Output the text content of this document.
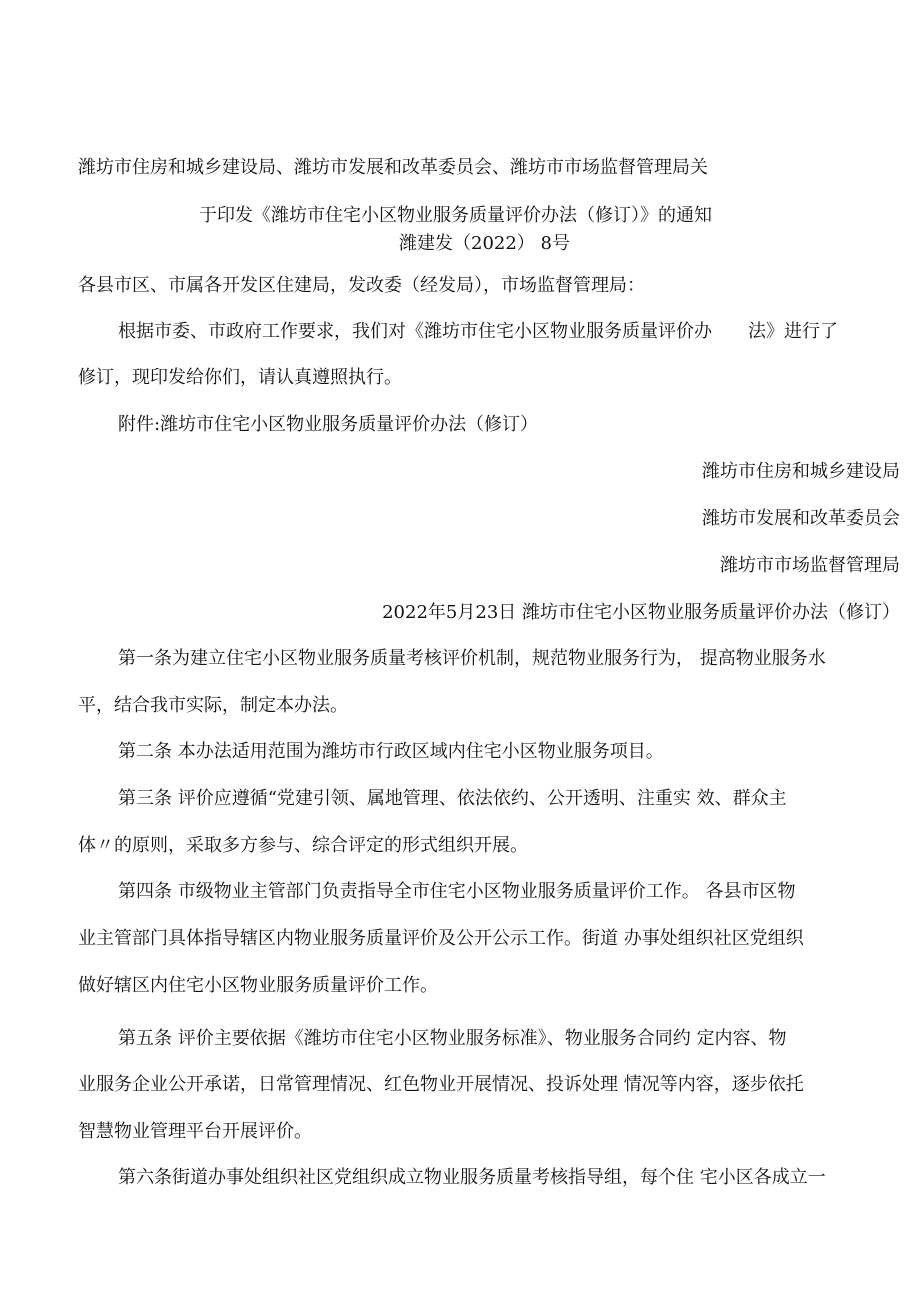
潍坊市住房和城乡建设局、潍坊市发展和改革委员会、潍坊市市场监督管理局关
于印发《潍坊市住宅小区物业服务质量评价办法（修订）》的通知
潍建发（2022） 8号
各县市区、市属各开发区住建局，发改委（经发局），市场监督管理局：
根据市委、市政府工作要求，我们对《潍坊市住宅小区物业服务质量评价办　　法》进行了
修订，现印发给你们，请认真遵照执行。
附件:潍坊市住宅小区物业服务质量评价办法（修订）
潍坊市住房和城乡建设局
潍坊市发展和改革委员会
潍坊市市场监督管理局
2022年5月23日 潍坊市住宅小区物业服务质量评价办法（修订）
第一条为建立住宅小区物业服务质量考核评价机制，规范物业服务行为， 提高物业服务水
平，结合我市实际，制定本办法。
第二条 本办法适用范围为潍坊市行政区域内住宅小区物业服务项目。
第三条 评价应遵循“党建引领、属地管理、依法依约、公开透明、注重实 效、群众主
体〃的原则，采取多方参与、综合评定的形式组织开展。
第四条 市级物业主管部门负责指导全市住宅小区物业服务质量评价工作。 各县市区物
业主管部门具体指导辖区内物业服务质量评价及公开公示工作。街道 办事处组织社区党组织
做好辖区内住宅小区物业服务质量评价工作。
第五条 评价主要依据《潍坊市住宅小区物业服务标准》、物业服务合同约 定内容、物
业服务企业公开承诺，日常管理情况、红色物业开展情况、投诉处理 情况等内容，逐步依托
智慧物业管理平台开展评价。
第六条街道办事处组织社区党组织成立物业服务质量考核指导组，每个住 宅小区各成立一
